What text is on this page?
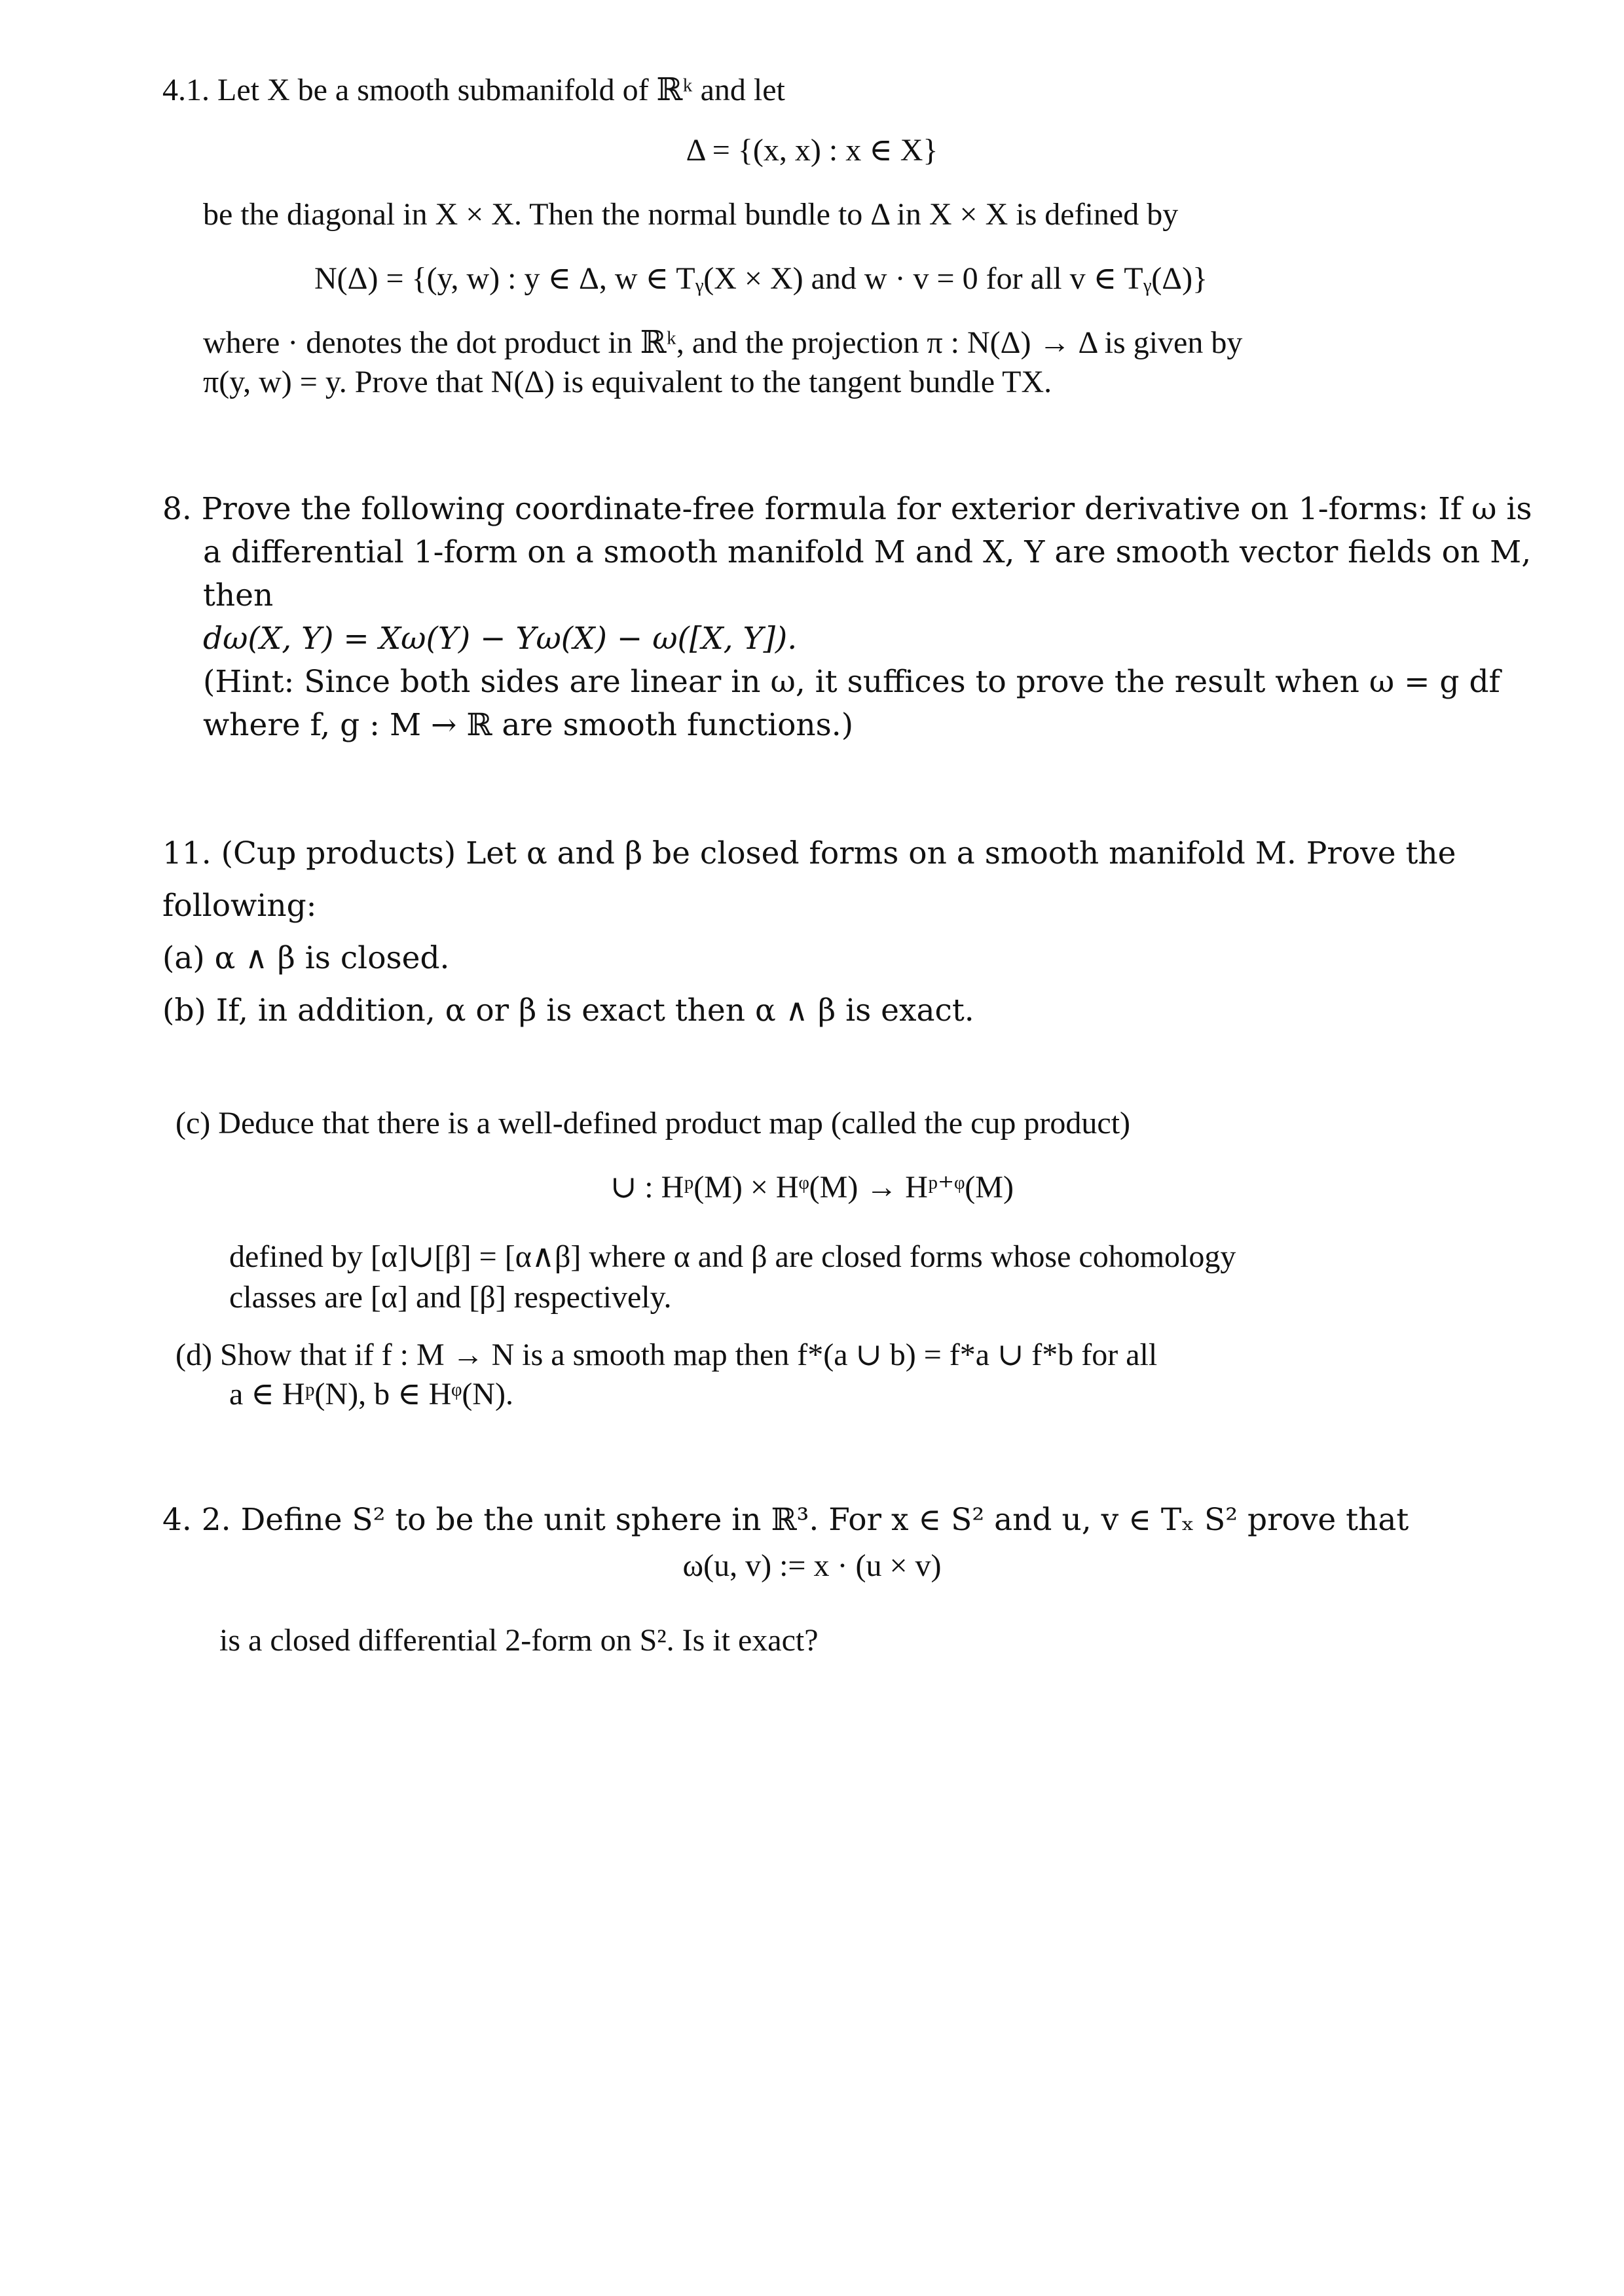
4.1. Let X be a smooth submanifold of ℝᵏ and let
Δ = {(x, x) : x ∈ X}
be the diagonal in X × X. Then the normal bundle to Δ in X × X is defined by
N(Δ) = {(y, w) : y ∈ Δ, w ∈ Tᵧ(X × X) and w · v = 0 for all v ∈ Tᵧ(Δ)}
where · denotes the dot product in ℝᵏ, and the projection π : N(Δ) → Δ is given by
π(y, w) = y. Prove that N(Δ) is equivalent to the tangent bundle TX.
8. Prove the following coordinate-free formula for exterior derivative on 1-forms: If ω is
a differential 1-form on a smooth manifold M and X, Y are smooth vector fields on M,
then
dω(X, Y) = Xω(Y) − Yω(X) − ω([X, Y]).
(Hint: Since both sides are linear in ω, it suffices to prove the result when ω = g df
where f, g : M → ℝ are smooth functions.)
11. (Cup products) Let α and β be closed forms on a smooth manifold M. Prove the
following:
(a) α ∧ β is closed.
(b) If, in addition, α or β is exact then α ∧ β is exact.
(c) Deduce that there is a well-defined product map (called the cup product)
∪ : Hᵖ(M) × Hᵠ(M) → Hᵖ⁺ᵠ(M)
defined by [α]∪[β] = [α∧β] where α and β are closed forms whose cohomology
classes are [α] and [β] respectively.
(d) Show that if f : M → N is a smooth map then f*(a ∪ b) = f*a ∪ f*b for all
a ∈ Hᵖ(N), b ∈ Hᵠ(N).
4. 2. Define S² to be the unit sphere in ℝ³. For x ∈ S² and u, v ∈ Tₓ S² prove that
ω(u, v) := x · (u × v)
is a closed differential 2-form on S². Is it exact?
